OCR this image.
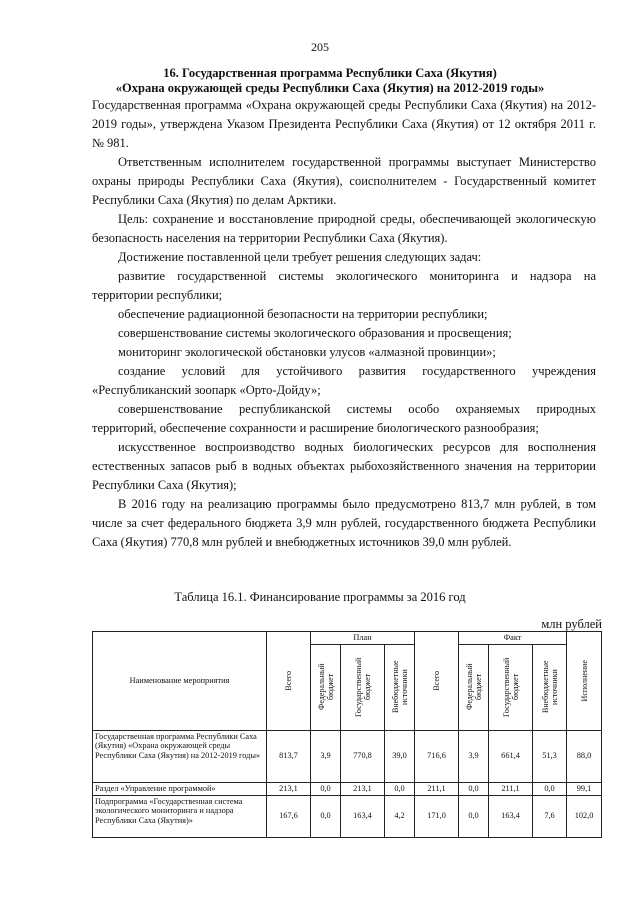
205
16. Государственная программа Республики Саха (Якутия)
«Охрана окружающей среды Республики Саха (Якутия) на 2012-2019 годы»

Государственная программа «Охрана окружающей среды Республики Саха (Якутия) на 2012-2019 годы», утверждена Указом Президента Республики Саха (Якутия) от 12 октября 2011 г. № 981.

Ответственным исполнителем государственной программы выступает Министерство охраны природы Республики Саха (Якутия), соисполнителем - Государственный комитет Республики Саха (Якутия) по делам Арктики.

Цель: сохранение и восстановление природной среды, обеспечивающей экологическую безопасность населения на территории Республики Саха (Якутия).

Достижение поставленной цели требует решения следующих задач:

развитие государственной системы экологического мониторинга и надзора на территории республики;

обеспечение радиационной безопасности на территории республики;

совершенствование системы экологического образования и просвещения;

мониторинг экологической обстановки улусов «алмазной провинции»;

создание условий для устойчивого развития государственного учреждения «Республиканский зоопарк «Орто-Дойду»;

совершенствование республиканской системы особо охраняемых природных территорий, обеспечение сохранности и расширение биологического разнообразия;

искусственное воспроизводство водных биологических ресурсов для восполнения естественных запасов рыб в водных объектах рыбохозяйственного значения на территории Республики Саха (Якутия);

В 2016 году на реализацию программы было предусмотрено 813,7 млн рублей, в том числе за счет федерального бюджета 3,9 млн рублей, государственного бюджета Республики Саха (Якутия) 770,8 млн рублей и внебюджетных источников 39,0 млн рублей.

Таблица 16.1. Финансирование программы за 2016 год
млн рублей
Наименование мероприятия	Всего	План			Всего	Факт			Исполнение

		Федеральный бюджет	Государственный бюджет	Внебюджетные источники		Федеральный бюджет	Государственный бюджет	Внебюджетные источники	

Государственная программа Республики Саха (Якутия) «Охрана окружающей среды Республики Саха (Якутия) на 2012-2019 годы»	813,7	3,9	770,8	39,0	716,6	3,9	661,4	51,3	88,0
Раздел «Управление программой»	213,1	0,0	213,1	0,0	211,1	0,0	211,1	0,0	99,1
Подпрограмма «Государственная система экологического мониторинга и надзора Республики Саха (Якутия)»	167,6	0,0	163,4	4,2	171,0	0,0	163,4	7,6	102,0
